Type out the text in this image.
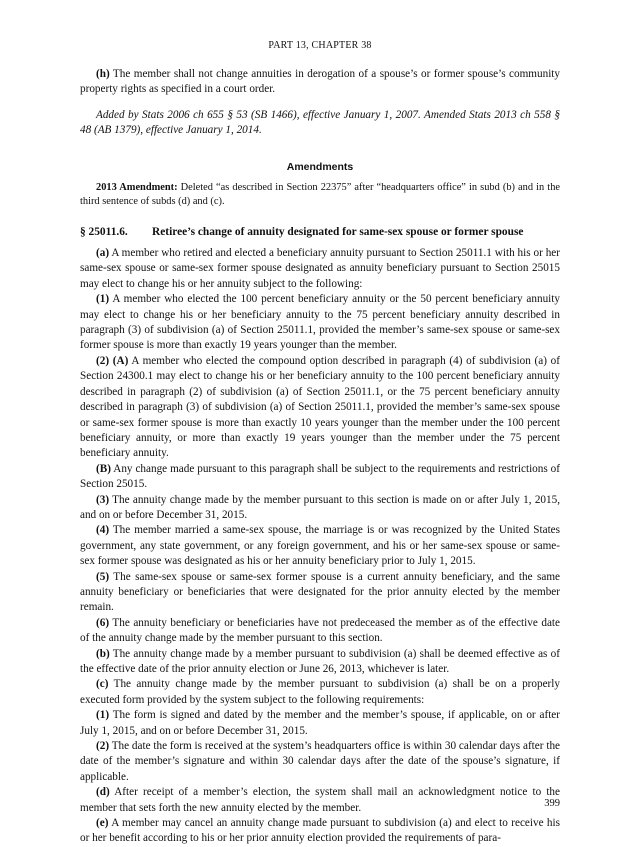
PART 13, CHAPTER 38

(h) The member shall not change annuities in derogation of a spouse’s or former spouse’s community property rights as specified in a court order.

Added by Stats 2006 ch 655 § 53 (SB 1466), effective January 1, 2007. Amended Stats 2013 ch 558 § 48 (AB 1379), effective January 1, 2014.

Amendments

2013 Amendment: Deleted “as described in Section 22375” after “headquarters office” in subd (b) and in the third sentence of subds (d) and (c).

§ 25011.6. Retiree’s change of annuity designated for same-sex spouse or former spouse

(a) A member who retired and elected a beneficiary annuity pursuant to Section 25011.1 with his or her same-sex spouse or same-sex former spouse designated as annuity beneficiary pursuant to Section 25015 may elect to change his or her annuity subject to the following:

(1) A member who elected the 100 percent beneficiary annuity or the 50 percent beneficiary annuity may elect to change his or her beneficiary annuity to the 75 percent beneficiary annuity described in paragraph (3) of subdivision (a) of Section 25011.1, provided the member’s same-sex spouse or same-sex former spouse is more than exactly 19 years younger than the member.

(2) (A) A member who elected the compound option described in paragraph (4) of subdivision (a) of Section 24300.1 may elect to change his or her beneficiary annuity to the 100 percent beneficiary annuity described in paragraph (2) of subdivision (a) of Section 25011.1, or the 75 percent beneficiary annuity described in paragraph (3) of subdivision (a) of Section 25011.1, provided the member’s same-sex spouse or same-sex former spouse is more than exactly 10 years younger than the member under the 100 percent beneficiary annuity, or more than exactly 19 years younger than the member under the 75 percent beneficiary annuity.

(B) Any change made pursuant to this paragraph shall be subject to the requirements and restrictions of Section 25015.

(3) The annuity change made by the member pursuant to this section is made on or after July 1, 2015, and on or before December 31, 2015.

(4) The member married a same-sex spouse, the marriage is or was recognized by the United States government, any state government, or any foreign government, and his or her same-sex spouse or same-sex former spouse was designated as his or her annuity beneficiary prior to July 1, 2015.

(5) The same-sex spouse or same-sex former spouse is a current annuity beneficiary, and the same annuity beneficiary or beneficiaries that were designated for the prior annuity elected by the member remain.

(6) The annuity beneficiary or beneficiaries have not predeceased the member as of the effective date of the annuity change made by the member pursuant to this section.

(b) The annuity change made by a member pursuant to subdivision (a) shall be deemed effective as of the effective date of the prior annuity election or June 26, 2013, whichever is later.

(c) The annuity change made by the member pursuant to subdivision (a) shall be on a properly executed form provided by the system subject to the following requirements:

(1) The form is signed and dated by the member and the member’s spouse, if applicable, on or after July 1, 2015, and on or before December 31, 2015.

(2) The date the form is received at the system’s headquarters office is within 30 calendar days after the date of the member’s signature and within 30 calendar days after the date of the spouse’s signature, if applicable.

(d) After receipt of a member’s election, the system shall mail an acknowledgment notice to the member that sets forth the new annuity elected by the member.

(e) A member may cancel an annuity change made pursuant to subdivision (a) and elect to receive his or her benefit according to his or her prior annuity election provided the requirements of para-

399
